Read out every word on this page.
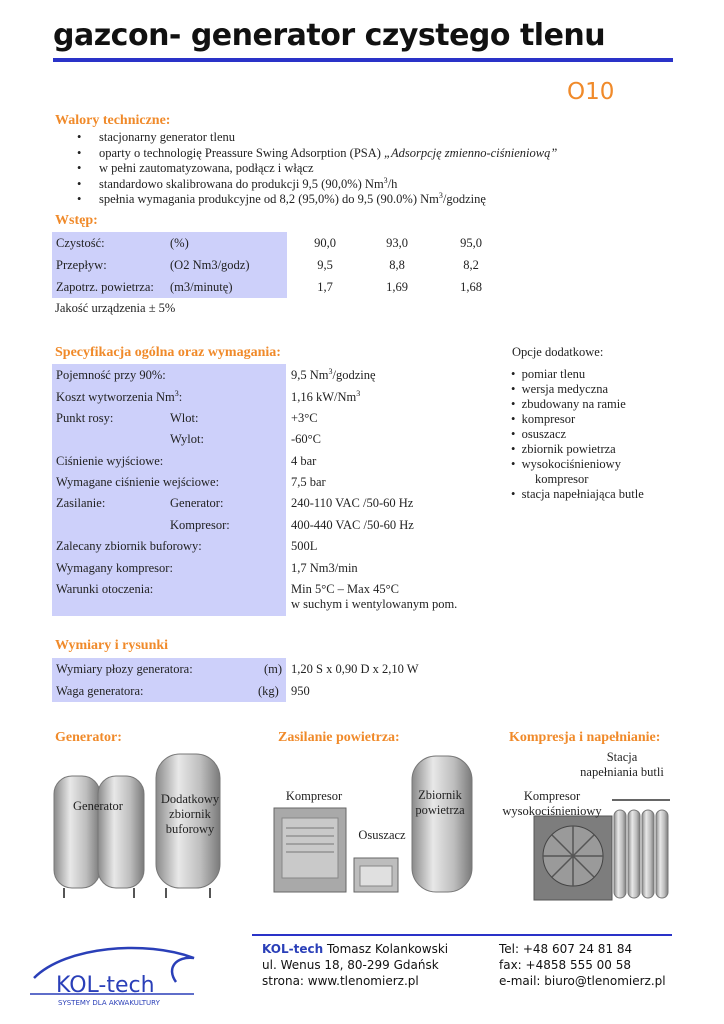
gazcon- generator czystego tlenu
O10
Walory techniczne:
• stacjonarny generator tlenu
• oparty o technologię Preassure Swing Adsorption (PSA) „Adsorpcję zmienno-ciśnieniową”
• w pełni zautomatyzowana, podłącz i włącz
• standardowo skalibrowana do produkcji 9,5 (90,0%) Nm$^3$/h
• spełnia wymagania produkcyjne od 8,2 (95,0%) do 9,5 (90.0%) Nm$^3$/godzinę
Wstęp:
Czystość:	(%)	90,0	93,0	95,0
Przepływ:	(O2 Nm3/godz)	9,5	8,8	8,2
Zapotrz. powietrza: (m3/minutę)	1,7	1,69	1,68
Jakość urządzenia ± 5%
Specyfikacja ogólna oraz wymagania:
Pojemność przy 90%:	9,5 Nm$^3$/godzinę
Koszt wytworzenia Nm$^3$:	1,16 kW/Nm$^3$
Punkt rosy:	Wlot:	+3°C
Wylot:	-60°C
Ciśnienie wyjściowe:	4 bar
Wymagane ciśnienie wejściowe:	7,5 bar
Zasilanie:	Generator:	240-110 VAC /50-60 Hz
Kompresor:	400-440 VAC /50-60 Hz
Zalecany zbiornik buforowy:	500L
Wymagany kompresor:	1,7 Nm3/min
Warunki otoczenia:	Min 5°C – Max 45°C
w suchym i wentylowanym pom.
Opcje dodatkowe:
•  pomiar tlenu
•  wersja medyczna
•  zbudowany na ramie
•  kompresor
•  osuszacz
•  zbiornik powietrza
•  wysokociśnieniowy
kompresor
•  stacja napełniająca butle
Wymiary i rysunki
Wymiary płozy generatora:	(m) 1,20 S x 0,90 D x 2,10 W
Waga generatora:	(kg) 950
Generator:	Zasilanie powietrza:	Kompresja i napełnianie:
Generator	Dodatkowy zbiornik buforowy
Kompresor
Osuszacz
Zbiornik powietrza
Kompresor wysokociśnieniowy
Stacja napełniania butli
KOL-tech Tomasz Kolankowski
ul. Wenus 18, 80-299 Gdańsk
strona: www.tlenomierz.pl
Tel: +48 607 24 81 84
fax: +4858 555 00 58
e-mail: biuro@tlenomierz.pl
KOL-tech
SYSTEMY DLA AKWAKULTURY
